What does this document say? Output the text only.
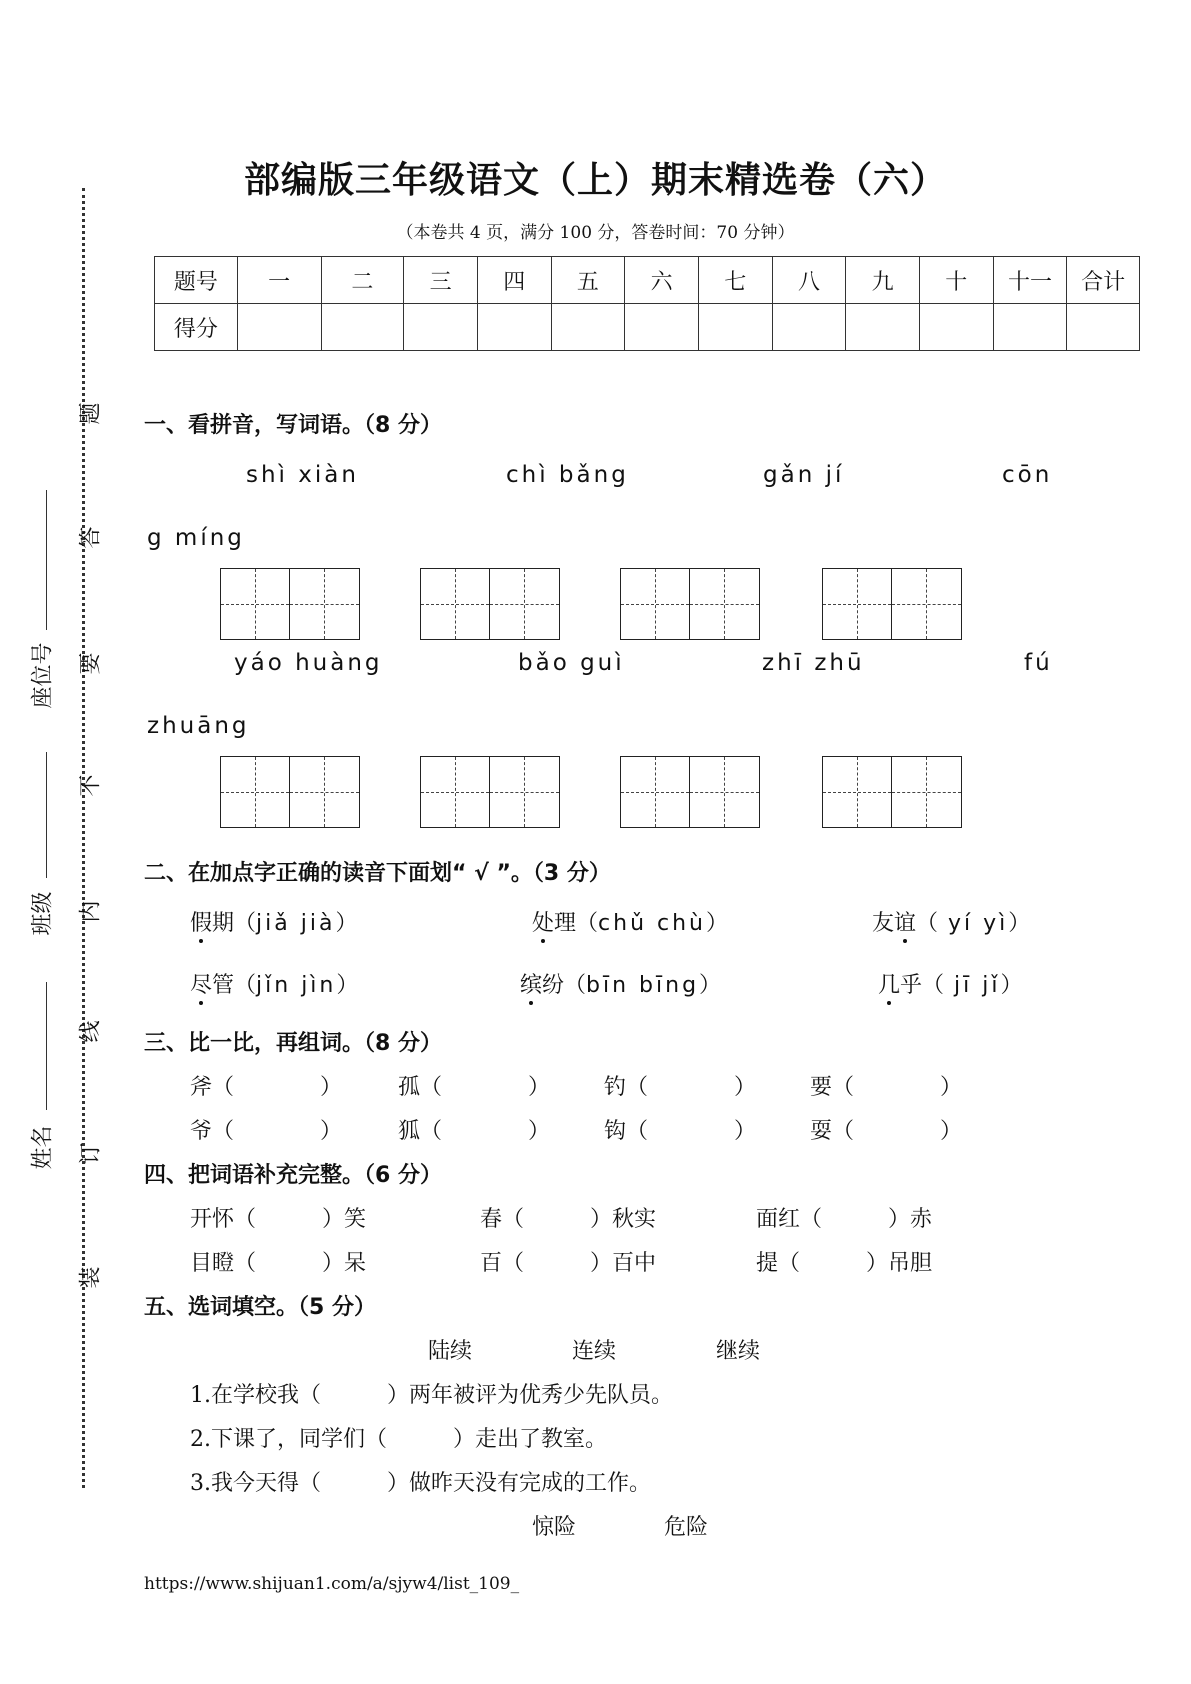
题
答
要
不
内
线
订
装
座位号
班级
姓名
部编版三年级语文（上）期末精选卷（六）
（本卷共 4 页，满分 100 分，答卷时间：70 分钟）
题号	一	二	三	四	五	六	七	八	九	十	十一	合计
得分												
一、看拼音，写词语。（8 分）
shì xiàn	chì bǎng	gǎn jí	cōn
g míng
yáo huàng	bǎo guì	zhī zhū	fú
zhuāng
二、在加点字正确的读音下面划“ √ ”。（3 分）
假期（jiǎ jià）	处理（chǔ chù）	友谊（ yí yì）
尽管（jǐn jìn）	缤纷（bīn bīng）	几乎（ jī jǐ）
三、比一比，再组词。（8 分）
斧（	）	孤（	） 钓（	） 要（	）
爷（	）	狐（	） 钩（	） 耍（	）
四、把词语补充完整。（6 分）
开怀（	）笑	春（	）秋实	面红（	）赤
目瞪（	）呆	百（	）百中	提（	）吊胆
五、选词填空。（5 分）
陆续	连续	继续
1.在学校我（	）两年被评为优秀少先队员。
2.下课了，同学们（	）走出了教室。
3.我今天得（	）做昨天没有完成的工作。
惊险	危险
https://www.shijuan1.com/a/sjyw4/list_109_
